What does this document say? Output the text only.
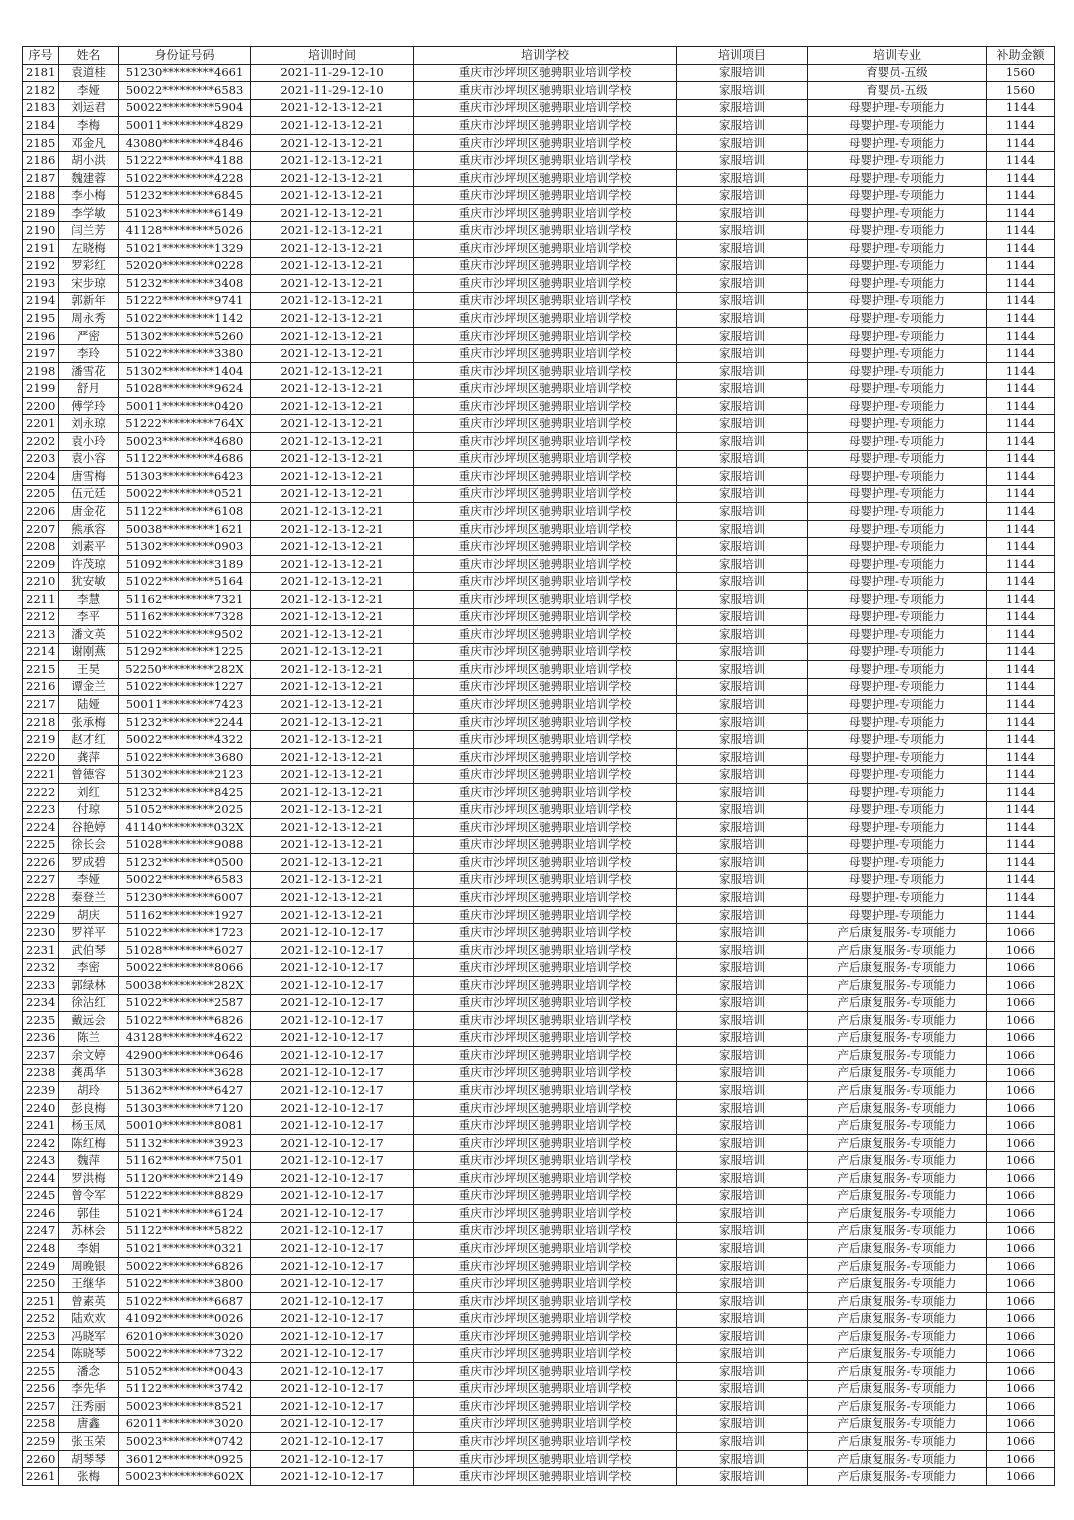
序号	姓名	身份证号码	培训时间	培训学校	培训项目	培训专业	补助金额
2181	袁道桂	51230*********4661	2021-11-29-12-10	重庆市沙坪坝区驰骋职业培训学校	家服培训	育婴员-五级	1560
2182	李娅	50022*********6583	2021-11-29-12-10	重庆市沙坪坝区驰骋职业培训学校	家服培训	育婴员-五级	1560
2183	刘运君	50022*********5904	2021-12-13-12-21	重庆市沙坪坝区驰骋职业培训学校	家服培训	母婴护理-专项能力	1144
2184	李梅	50011*********4829	2021-12-13-12-21	重庆市沙坪坝区驰骋职业培训学校	家服培训	母婴护理-专项能力	1144
2185	邓金凡	43080*********4846	2021-12-13-12-21	重庆市沙坪坝区驰骋职业培训学校	家服培训	母婴护理-专项能力	1144
2186	胡小洪	51222*********4188	2021-12-13-12-21	重庆市沙坪坝区驰骋职业培训学校	家服培训	母婴护理-专项能力	1144
2187	魏建蓉	51022*********4228	2021-12-13-12-21	重庆市沙坪坝区驰骋职业培训学校	家服培训	母婴护理-专项能力	1144
2188	李小梅	51232*********6845	2021-12-13-12-21	重庆市沙坪坝区驰骋职业培训学校	家服培训	母婴护理-专项能力	1144
2189	李学敏	51023*********6149	2021-12-13-12-21	重庆市沙坪坝区驰骋职业培训学校	家服培训	母婴护理-专项能力	1144
2190	闫兰芳	41128*********5026	2021-12-13-12-21	重庆市沙坪坝区驰骋职业培训学校	家服培训	母婴护理-专项能力	1144
2191	左晓梅	51021*********1329	2021-12-13-12-21	重庆市沙坪坝区驰骋职业培训学校	家服培训	母婴护理-专项能力	1144
2192	罗彩红	52020*********0228	2021-12-13-12-21	重庆市沙坪坝区驰骋职业培训学校	家服培训	母婴护理-专项能力	1144
2193	宋步琼	51232*********3408	2021-12-13-12-21	重庆市沙坪坝区驰骋职业培训学校	家服培训	母婴护理-专项能力	1144
2194	郭新年	51222*********9741	2021-12-13-12-21	重庆市沙坪坝区驰骋职业培训学校	家服培训	母婴护理-专项能力	1144
2195	周永秀	51022*********1142	2021-12-13-12-21	重庆市沙坪坝区驰骋职业培训学校	家服培训	母婴护理-专项能力	1144
2196	严密	51302*********5260	2021-12-13-12-21	重庆市沙坪坝区驰骋职业培训学校	家服培训	母婴护理-专项能力	1144
2197	李玲	51022*********3380	2021-12-13-12-21	重庆市沙坪坝区驰骋职业培训学校	家服培训	母婴护理-专项能力	1144
2198	潘雪花	51302*********1404	2021-12-13-12-21	重庆市沙坪坝区驰骋职业培训学校	家服培训	母婴护理-专项能力	1144
2199	舒月	51028*********9624	2021-12-13-12-21	重庆市沙坪坝区驰骋职业培训学校	家服培训	母婴护理-专项能力	1144
2200	傅学玲	50011*********0420	2021-12-13-12-21	重庆市沙坪坝区驰骋职业培训学校	家服培训	母婴护理-专项能力	1144
2201	刘永琼	51222*********764X	2021-12-13-12-21	重庆市沙坪坝区驰骋职业培训学校	家服培训	母婴护理-专项能力	1144
2202	袁小玲	50023*********4680	2021-12-13-12-21	重庆市沙坪坝区驰骋职业培训学校	家服培训	母婴护理-专项能力	1144
2203	袁小容	51122*********4686	2021-12-13-12-21	重庆市沙坪坝区驰骋职业培训学校	家服培训	母婴护理-专项能力	1144
2204	唐雪梅	51303*********6423	2021-12-13-12-21	重庆市沙坪坝区驰骋职业培训学校	家服培训	母婴护理-专项能力	1144
2205	伍元廷	50022*********0521	2021-12-13-12-21	重庆市沙坪坝区驰骋职业培训学校	家服培训	母婴护理-专项能力	1144
2206	唐金花	51122*********6108	2021-12-13-12-21	重庆市沙坪坝区驰骋职业培训学校	家服培训	母婴护理-专项能力	1144
2207	熊承容	50038*********1621	2021-12-13-12-21	重庆市沙坪坝区驰骋职业培训学校	家服培训	母婴护理-专项能力	1144
2208	刘素平	51302*********0903	2021-12-13-12-21	重庆市沙坪坝区驰骋职业培训学校	家服培训	母婴护理-专项能力	1144
2209	许茂琼	51092*********3189	2021-12-13-12-21	重庆市沙坪坝区驰骋职业培训学校	家服培训	母婴护理-专项能力	1144
2210	犹安敏	51022*********5164	2021-12-13-12-21	重庆市沙坪坝区驰骋职业培训学校	家服培训	母婴护理-专项能力	1144
2211	李慧	51162*********7321	2021-12-13-12-21	重庆市沙坪坝区驰骋职业培训学校	家服培训	母婴护理-专项能力	1144
2212	李平	51162*********7328	2021-12-13-12-21	重庆市沙坪坝区驰骋职业培训学校	家服培训	母婴护理-专项能力	1144
2213	潘文英	51022*********9502	2021-12-13-12-21	重庆市沙坪坝区驰骋职业培训学校	家服培训	母婴护理-专项能力	1144
2214	谢刚燕	51292*********1225	2021-12-13-12-21	重庆市沙坪坝区驰骋职业培训学校	家服培训	母婴护理-专项能力	1144
2215	王昊	52250*********282X	2021-12-13-12-21	重庆市沙坪坝区驰骋职业培训学校	家服培训	母婴护理-专项能力	1144
2216	谭金兰	51022*********1227	2021-12-13-12-21	重庆市沙坪坝区驰骋职业培训学校	家服培训	母婴护理-专项能力	1144
2217	陆娅	50011*********7423	2021-12-13-12-21	重庆市沙坪坝区驰骋职业培训学校	家服培训	母婴护理-专项能力	1144
2218	张承梅	51232*********2244	2021-12-13-12-21	重庆市沙坪坝区驰骋职业培训学校	家服培训	母婴护理-专项能力	1144
2219	赵才红	50022*********4322	2021-12-13-12-21	重庆市沙坪坝区驰骋职业培训学校	家服培训	母婴护理-专项能力	1144
2220	龚萍	51022*********3680	2021-12-13-12-21	重庆市沙坪坝区驰骋职业培训学校	家服培训	母婴护理-专项能力	1144
2221	曾德容	51302*********2123	2021-12-13-12-21	重庆市沙坪坝区驰骋职业培训学校	家服培训	母婴护理-专项能力	1144
2222	刘红	51232*********8425	2021-12-13-12-21	重庆市沙坪坝区驰骋职业培训学校	家服培训	母婴护理-专项能力	1144
2223	付琼	51052*********2025	2021-12-13-12-21	重庆市沙坪坝区驰骋职业培训学校	家服培训	母婴护理-专项能力	1144
2224	谷艳婷	41140*********032X	2021-12-13-12-21	重庆市沙坪坝区驰骋职业培训学校	家服培训	母婴护理-专项能力	1144
2225	徐长会	51028*********9088	2021-12-13-12-21	重庆市沙坪坝区驰骋职业培训学校	家服培训	母婴护理-专项能力	1144
2226	罗成碧	51232*********0500	2021-12-13-12-21	重庆市沙坪坝区驰骋职业培训学校	家服培训	母婴护理-专项能力	1144
2227	李娅	50022*********6583	2021-12-13-12-21	重庆市沙坪坝区驰骋职业培训学校	家服培训	母婴护理-专项能力	1144
2228	秦登兰	51230*********6007	2021-12-13-12-21	重庆市沙坪坝区驰骋职业培训学校	家服培训	母婴护理-专项能力	1144
2229	胡庆	51162*********1927	2021-12-13-12-21	重庆市沙坪坝区驰骋职业培训学校	家服培训	母婴护理-专项能力	1144
2230	罗祥平	51022*********1723	2021-12-10-12-17	重庆市沙坪坝区驰骋职业培训学校	家服培训	产后康复服务-专项能力	1066
2231	武伯琴	51028*********6027	2021-12-10-12-17	重庆市沙坪坝区驰骋职业培训学校	家服培训	产后康复服务-专项能力	1066
2232	李密	50022*********8066	2021-12-10-12-17	重庆市沙坪坝区驰骋职业培训学校	家服培训	产后康复服务-专项能力	1066
2233	郭绿林	50038*********282X	2021-12-10-12-17	重庆市沙坪坝区驰骋职业培训学校	家服培训	产后康复服务-专项能力	1066
2234	徐沾红	51022*********2587	2021-12-10-12-17	重庆市沙坪坝区驰骋职业培训学校	家服培训	产后康复服务-专项能力	1066
2235	戴远会	51022*********6826	2021-12-10-12-17	重庆市沙坪坝区驰骋职业培训学校	家服培训	产后康复服务-专项能力	1066
2236	陈兰	43128*********4622	2021-12-10-12-17	重庆市沙坪坝区驰骋职业培训学校	家服培训	产后康复服务-专项能力	1066
2237	余文婷	42900*********0646	2021-12-10-12-17	重庆市沙坪坝区驰骋职业培训学校	家服培训	产后康复服务-专项能力	1066
2238	龚禹华	51303*********3628	2021-12-10-12-17	重庆市沙坪坝区驰骋职业培训学校	家服培训	产后康复服务-专项能力	1066
2239	胡玲	51362*********6427	2021-12-10-12-17	重庆市沙坪坝区驰骋职业培训学校	家服培训	产后康复服务-专项能力	1066
2240	彭良梅	51303*********7120	2021-12-10-12-17	重庆市沙坪坝区驰骋职业培训学校	家服培训	产后康复服务-专项能力	1066
2241	杨玉凤	50010*********8081	2021-12-10-12-17	重庆市沙坪坝区驰骋职业培训学校	家服培训	产后康复服务-专项能力	1066
2242	陈红梅	51132*********3923	2021-12-10-12-17	重庆市沙坪坝区驰骋职业培训学校	家服培训	产后康复服务-专项能力	1066
2243	魏萍	51162*********7501	2021-12-10-12-17	重庆市沙坪坝区驰骋职业培训学校	家服培训	产后康复服务-专项能力	1066
2244	罗洪梅	51120*********2149	2021-12-10-12-17	重庆市沙坪坝区驰骋职业培训学校	家服培训	产后康复服务-专项能力	1066
2245	曾令军	51222*********8829	2021-12-10-12-17	重庆市沙坪坝区驰骋职业培训学校	家服培训	产后康复服务-专项能力	1066
2246	郭佳	51021*********6124	2021-12-10-12-17	重庆市沙坪坝区驰骋职业培训学校	家服培训	产后康复服务-专项能力	1066
2247	苏林会	51122*********5822	2021-12-10-12-17	重庆市沙坪坝区驰骋职业培训学校	家服培训	产后康复服务-专项能力	1066
2248	李娟	51021*********0321	2021-12-10-12-17	重庆市沙坪坝区驰骋职业培训学校	家服培训	产后康复服务-专项能力	1066
2249	周晚银	50022*********6826	2021-12-10-12-17	重庆市沙坪坝区驰骋职业培训学校	家服培训	产后康复服务-专项能力	1066
2250	王继华	51022*********3800	2021-12-10-12-17	重庆市沙坪坝区驰骋职业培训学校	家服培训	产后康复服务-专项能力	1066
2251	曾素英	51022*********6687	2021-12-10-12-17	重庆市沙坪坝区驰骋职业培训学校	家服培训	产后康复服务-专项能力	1066
2252	陆欢欢	41092*********0026	2021-12-10-12-17	重庆市沙坪坝区驰骋职业培训学校	家服培训	产后康复服务-专项能力	1066
2253	冯晓军	62010*********3020	2021-12-10-12-17	重庆市沙坪坝区驰骋职业培训学校	家服培训	产后康复服务-专项能力	1066
2254	陈晓琴	50022*********7322	2021-12-10-12-17	重庆市沙坪坝区驰骋职业培训学校	家服培训	产后康复服务-专项能力	1066
2255	潘念	51052*********0043	2021-12-10-12-17	重庆市沙坪坝区驰骋职业培训学校	家服培训	产后康复服务-专项能力	1066
2256	李先华	51122*********3742	2021-12-10-12-17	重庆市沙坪坝区驰骋职业培训学校	家服培训	产后康复服务-专项能力	1066
2257	汪秀丽	50023*********8521	2021-12-10-12-17	重庆市沙坪坝区驰骋职业培训学校	家服培训	产后康复服务-专项能力	1066
2258	唐鑫	62011*********3020	2021-12-10-12-17	重庆市沙坪坝区驰骋职业培训学校	家服培训	产后康复服务-专项能力	1066
2259	张玉荣	50023*********0742	2021-12-10-12-17	重庆市沙坪坝区驰骋职业培训学校	家服培训	产后康复服务-专项能力	1066
2260	胡琴琴	36012*********0925	2021-12-10-12-17	重庆市沙坪坝区驰骋职业培训学校	家服培训	产后康复服务-专项能力	1066
2261	张梅	50023*********602X	2021-12-10-12-17	重庆市沙坪坝区驰骋职业培训学校	家服培训	产后康复服务-专项能力	1066
